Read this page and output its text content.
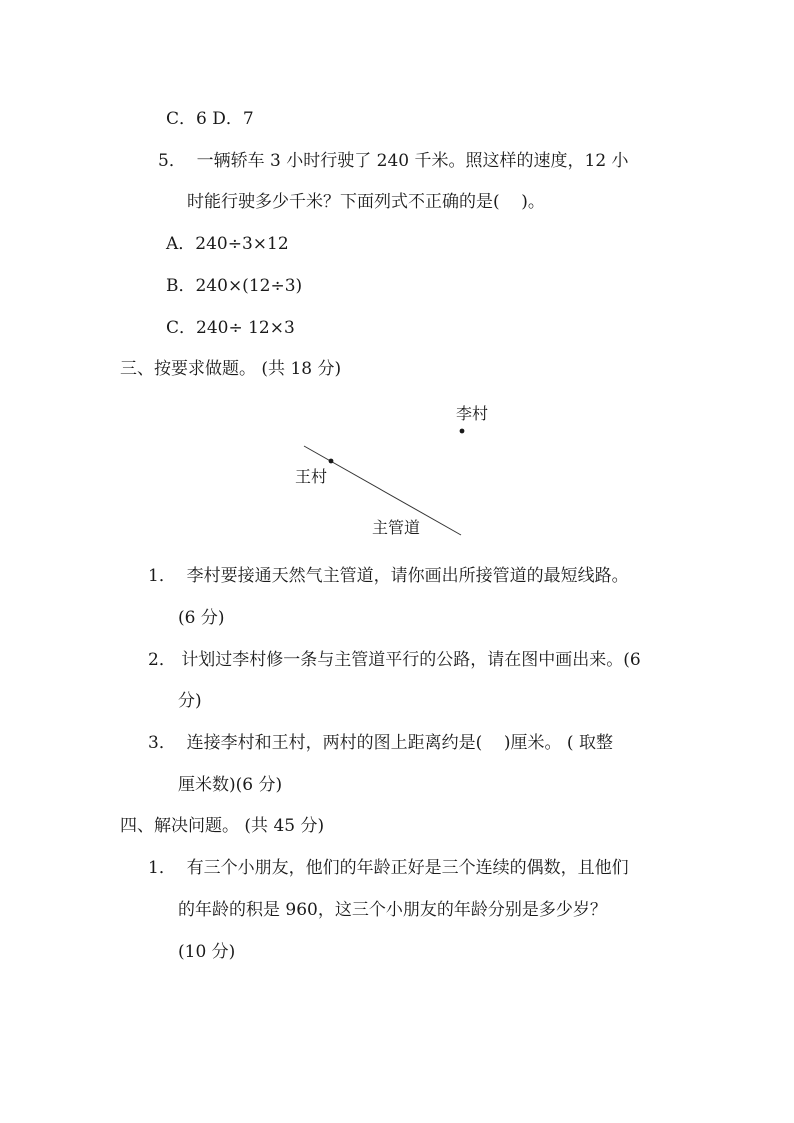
C．6 D．7
5．  一辆轿车 3 小时行驶了 240 千米。照这样的速度，12 小
时能行驶多少千米？下面列式不正确的是(    )。
A．240÷3×12
B．240×(12÷3)
C．240÷ 12×3
三、按要求做题。 (共 18 分)
李村
王村
主管道
1．  李村要接通天然气主管道，请你画出所接管道的最短线路。
(6 分)
2． 计划过李村修一条与主管道平行的公路，请在图中画出来。(6
分)
3．  连接李村和王村，两村的图上距离约是(    )厘米。 ( 取整
厘米数)(6 分)
四、解决问题。 (共 45 分)
1．  有三个小朋友，他们的年龄正好是三个连续的偶数，且他们
的年龄的积是 960，这三个小朋友的年龄分别是多少岁？
(10 分)
